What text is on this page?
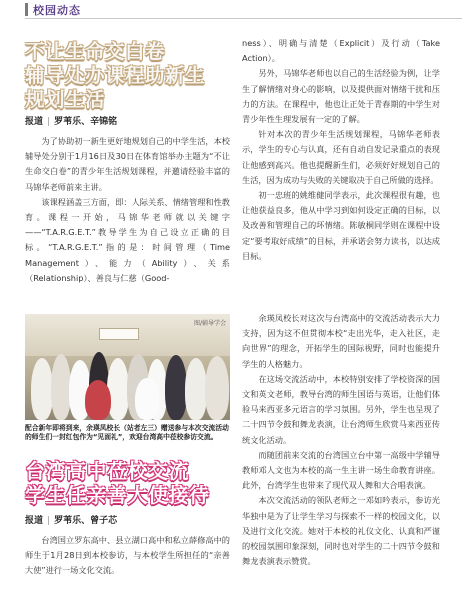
校园动态
不让生命交白卷
辅导处办课程助新生
规划生活
报道 | 罗苇乐、辛锦铭

为了协助初一新生更好地规划自己的中学生活，本校辅导处分别于1月16日及30日在体育馆举办主题为“不让生命交白卷”的青少年生活规划课程，并邀请经验丰富的马锦华老师前来主讲。

该课程涵盖三方面，即：人际关系、情绪管理和性教育。课程一开始，马锦华老师就以关键字——“T.A.R.G.E.T.”教导学生为自己设立正确的目标。“T.A.R.G.E.T.”指的是：时间管理（Time Management）、能力（Ability）、关系（Relationship）、善良与仁慈（Good-

ness）、明确与清楚（Explicit）及行动（Take Action）。

另外，马锦华老师也以自己的生活经验为例，让学生了解情绪对身心的影响，以及提供面对情绪干扰和压力的方法。在课程中，他也让正处于青春期的中学生对青少年性生理发展有一定的了解。

针对本次的青少年生活规划课程，马锦华老师表示，学生的专心与认真，还有自动自发记录重点的表现让他感到高兴。他也提醒新生们，必须好好规划自己的生活，因为成功与失败的关键取决于自己所做的选择。

初一忠班的姚维健同学表示，此次课程很有趣，也让他获益良多，他从中学习到如何设定正确的目标，以及改善和管理自己的坏情绪。陈敏桐同学则在课程中设定“要考取好成绩”的目标，并承诺会努力读书，以达成目标。

图/辅导学会
配合新年即将到来，余瑛凤校长（站者左三）赠送参与本次交流活动的师生们一封红包作为“见面礼”，欢迎台湾高中莅校参访交流。
台湾高中莅校交流
学生任亲善大使接待
报道 | 罗苇乐、曾子芯

台湾国立罗东高中、县立湖口高中和私立薛修高中的师生于1月28日到本校参访，与本校学生所担任的“亲善大使”进行一场文化交流。

余瑛凤校长对这次与台湾高中的交流活动表示大力支持，因为这不但贯彻本校“走出光华，走入社区，走向世界”的理念，开拓学生的国际视野，同时也能提升学生的人格魅力。

在这场交流活动中，本校特别安排了学校资深的国文和英文老师，教导台湾的师生国语与英语，让他们体验马来西亚多元语言的学习氛围。另外，学生也呈现了二十四节令鼓和舞龙表演，让台湾师生欣赏马来西亚传统文化活动。

而随团前来交流的台湾国立台中第一高级中学辅导教师邓人文也为本校的高一生主讲一场生命教育讲座。此外，台湾学生也带来了现代双人舞和大合唱表演。

本次交流活动的领队老师之一邓如吟表示，参访光华独中是为了让学生学习与探索不一样的校园文化，以及进行文化交流。她对于本校的礼仪文化、认真和严谨的校园氛围印象深刻，同时也对学生的二十四节令鼓和舞龙表演表示赞赏。
